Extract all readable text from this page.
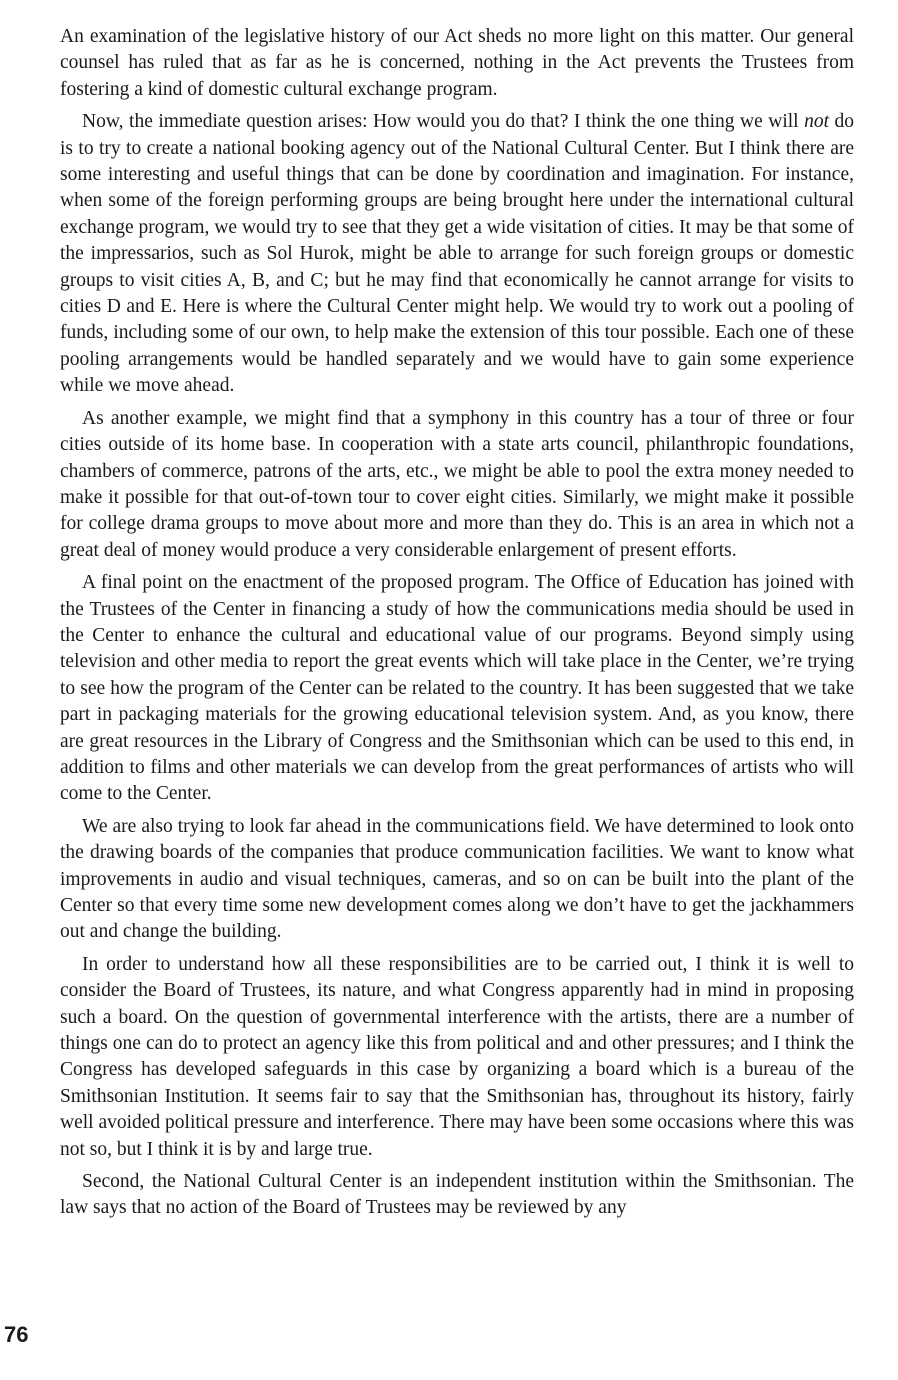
An examination of the legislative history of our Act sheds no more light on this matter. Our general counsel has ruled that as far as he is concerned, nothing in the Act prevents the Trustees from fostering a kind of domestic cultural exchange program.

Now, the immediate question arises: How would you do that? I think the one thing we will not do is to try to create a national booking agency out of the National Cultural Center. But I think there are some interesting and useful things that can be done by coordination and imagination. For instance, when some of the foreign performing groups are being brought here under the international cultural exchange program, we would try to see that they get a wide visitation of cities. It may be that some of the impressarios, such as Sol Hurok, might be able to arrange for such foreign groups or domestic groups to visit cities A, B, and C; but he may find that economically he cannot arrange for visits to cities D and E. Here is where the Cultural Center might help. We would try to work out a pooling of funds, including some of our own, to help make the extension of this tour possible. Each one of these pooling arrangements would be handled separately and we would have to gain some experience while we move ahead.

As another example, we might find that a symphony in this country has a tour of three or four cities outside of its home base. In cooperation with a state arts council, philanthropic foundations, chambers of commerce, patrons of the arts, etc., we might be able to pool the extra money needed to make it possible for that out-of-town tour to cover eight cities. Similarly, we might make it possible for college drama groups to move about more and more than they do. This is an area in which not a great deal of money would produce a very considerable enlargement of present efforts.

A final point on the enactment of the proposed program. The Office of Education has joined with the Trustees of the Center in financing a study of how the communications media should be used in the Center to enhance the cultural and educational value of our programs. Beyond simply using television and other media to report the great events which will take place in the Center, we’re trying to see how the program of the Center can be related to the country. It has been suggested that we take part in packaging materials for the growing educational television system. And, as you know, there are great resources in the Library of Congress and the Smithsonian which can be used to this end, in addition to films and other materials we can develop from the great performances of artists who will come to the Center.

We are also trying to look far ahead in the communications field. We have determined to look onto the drawing boards of the companies that produce communication facilities. We want to know what improvements in audio and visual techniques, cameras, and so on can be built into the plant of the Center so that every time some new development comes along we don’t have to get the jackhammers out and change the building.

In order to understand how all these responsibilities are to be carried out, I think it is well to consider the Board of Trustees, its nature, and what Congress apparently had in mind in proposing such a board. On the question of governmental interference with the artists, there are a number of things one can do to protect an agency like this from political and and other pressures; and I think the Congress has developed safeguards in this case by organizing a board which is a bureau of the Smithsonian Institution. It seems fair to say that the Smithsonian has, throughout its history, fairly well avoided political pressure and interference. There may have been some occasions where this was not so, but I think it is by and large true.

Second, the National Cultural Center is an independent institution within the Smithsonian. The law says that no action of the Board of Trustees may be reviewed by any

76
